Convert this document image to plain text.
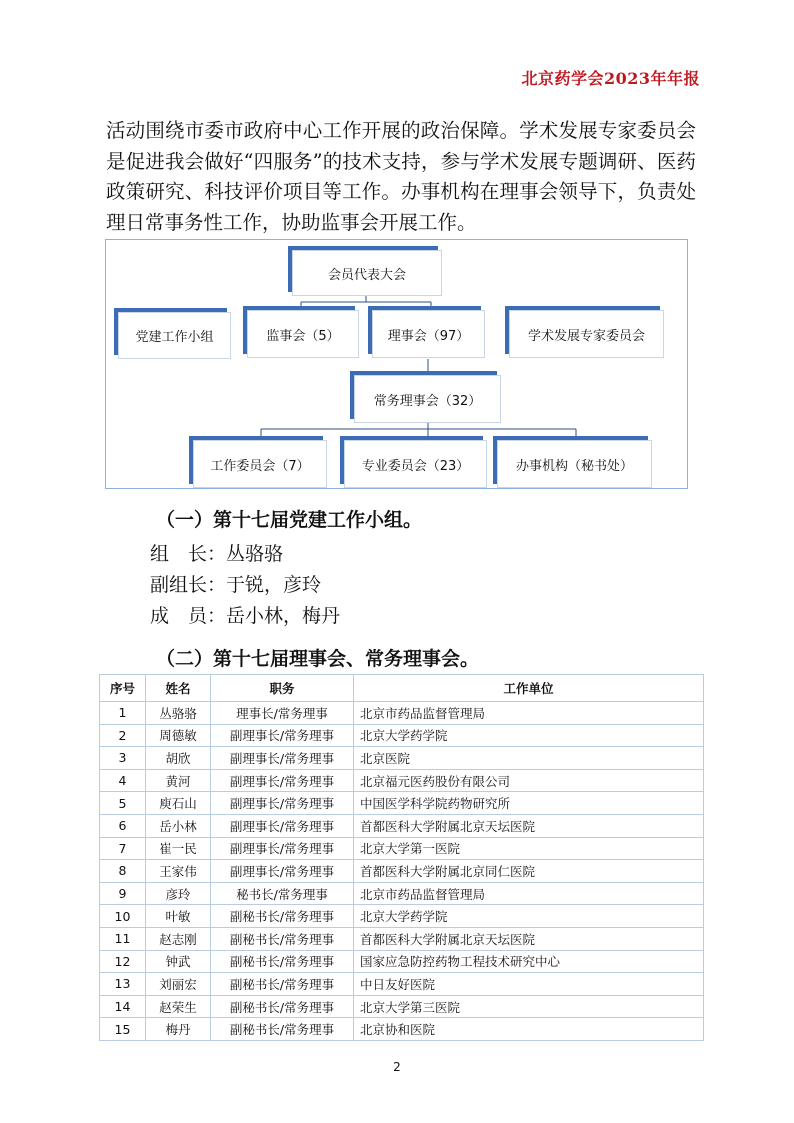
北京药学会2023年年报

活动围绕市委市政府中心工作开展的政治保障。学术发展专家委员会是促进我会做好“四服务”的技术支持，参与学术发展专题调研、医药政策研究、科技评价项目等工作。办事机构在理事会领导下，负责处理日常事务性工作，协助监事会开展工作。

会员代表大会
党建工作小组	监事会（5）	理事会（97）	学术发展专家委员会
常务理事会（32）
工作委员会（7）	专业委员会（23）	办事机构（秘书处）

（一）第十七届党建工作小组。

组　长：丛骆骆

副组长：于锐，彦玲

成　员：岳小林，梅丹

（二）第十七届理事会、常务理事会。

序号	姓名	职务	工作单位
1	丛骆骆	理事长/常务理事	北京市药品监督管理局
2	周德敏	副理事长/常务理事	北京大学药学院
3	胡欣	副理事长/常务理事	北京医院
4	黄河	副理事长/常务理事	北京福元医药股份有限公司
5	庾石山	副理事长/常务理事	中国医学科学院药物研究所
6	岳小林	副理事长/常务理事	首都医科大学附属北京天坛医院
7	崔一民	副理事长/常务理事	北京大学第一医院
8	王家伟	副理事长/常务理事	首都医科大学附属北京同仁医院
9	彦玲	秘书长/常务理事	北京市药品监督管理局
10	叶敏	副秘书长/常务理事	北京大学药学院
11	赵志刚	副秘书长/常务理事	首都医科大学附属北京天坛医院
12	钟武	副秘书长/常务理事	国家应急防控药物工程技术研究中心
13	刘丽宏	副秘书长/常务理事	中日友好医院
14	赵荣生	副秘书长/常务理事	北京大学第三医院
15	梅丹	副秘书长/常务理事	北京协和医院
2
